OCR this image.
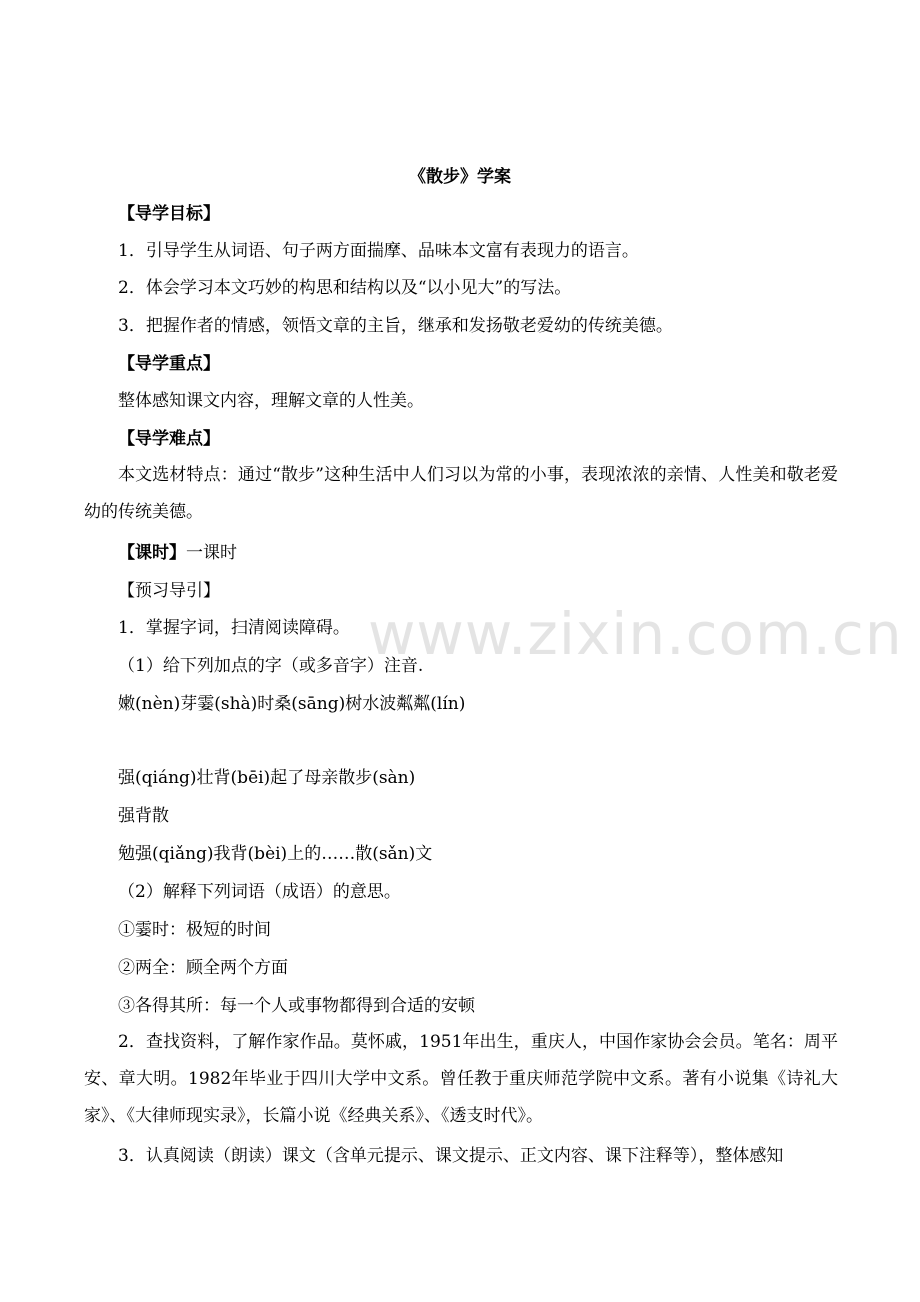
www.zixin.com.cn
《散步》学案
【导学目标】
1．引导学生从词语、句子两方面揣摩、品味本文富有表现力的语言。
2．体会学习本文巧妙的构思和结构以及“以小见大”的写法。
3．把握作者的情感，领悟文章的主旨，继承和发扬敬老爱幼的传统美德。
【导学重点】
整体感知课文内容，理解文章的人性美。
【导学难点】
本文选材特点：通过“散步”这种生活中人们习以为常的小事，表现浓浓的亲情、人性美和敬老爱幼的传统美德。
【课时】一课时
【预习导引】
1．掌握字词，扫清阅读障碍。
（1）给下列加点的字（或多音字）注音.
嫩(nèn)芽霎(shà)时桑(sāng)树水波粼粼(lín)
强(qiáng)壮背(bēi)起了母亲散步(sàn)
强背散
勉强(qiǎng)我背(bèi)上的……散(sǎn)文
（2）解释下列词语（成语）的意思。
①霎时：极短的时间
②两全：顾全两个方面
③各得其所：每一个人或事物都得到合适的安顿
2．查找资料，了解作家作品。莫怀戚，1951年出生，重庆人，中国作家协会会员。笔名：周平安、章大明。1982年毕业于四川大学中文系。曾任教于重庆师范学院中文系。著有小说集《诗礼大家》、《大律师现实录》，长篇小说《经典关系》、《透支时代》。
3．认真阅读（朗读）课文（含单元提示、课文提示、正文内容、课下注释等），整体感知
